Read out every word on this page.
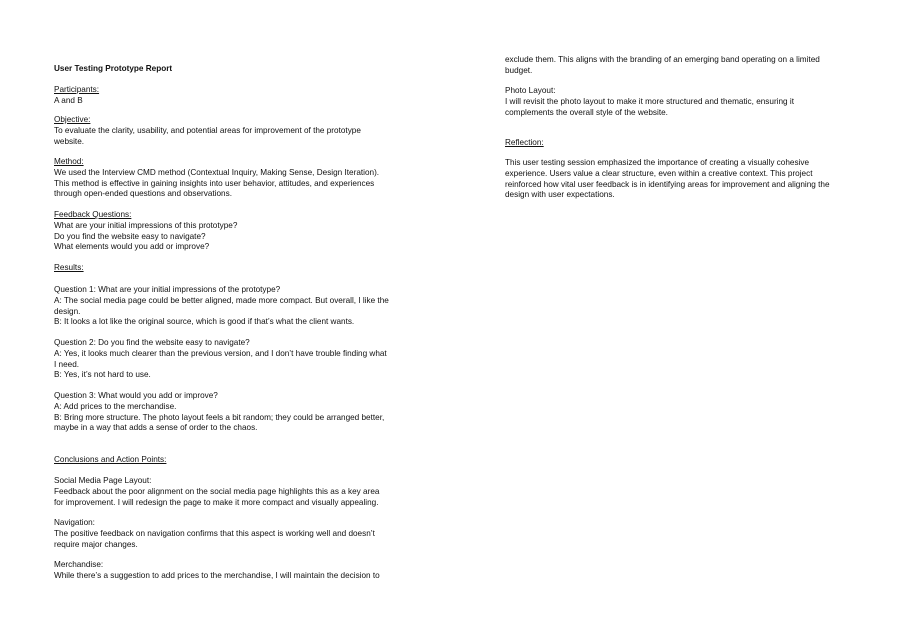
User Testing Prototype Report

Participants:

A and B

Objective:

To evaluate the clarity, usability, and potential areas for improvement of the prototype

website.

Method:

We used the Interview CMD method (Contextual Inquiry, Making Sense, Design Iteration).

This method is effective in gaining insights into user behavior, attitudes, and experiences

through open-ended questions and observations.

Feedback Questions:

What are your initial impressions of this prototype?

Do you find the website easy to navigate?

What elements would you add or improve?

Results:

Question 1: What are your initial impressions of the prototype?

A: The social media page could be better aligned, made more compact. But overall, I like the

design.

B: It looks a lot like the original source, which is good if that’s what the client wants.

Question 2: Do you find the website easy to navigate?

A: Yes, it looks much clearer than the previous version, and I don’t have trouble finding what

I need.

B: Yes, it’s not hard to use.

Question 3: What would you add or improve?

A: Add prices to the merchandise.

B: Bring more structure. The photo layout feels a bit random; they could be arranged better,

maybe in a way that adds a sense of order to the chaos.

Conclusions and Action Points:

Social Media Page Layout:

Feedback about the poor alignment on the social media page highlights this as a key area

for improvement. I will redesign the page to make it more compact and visually appealing.

Navigation:

The positive feedback on navigation confirms that this aspect is working well and doesn’t

require major changes.

Merchandise:

While there’s a suggestion to add prices to the merchandise, I will maintain the decision to

exclude them. This aligns with the branding of an emerging band operating on a limited

budget.

Photo Layout:

I will revisit the photo layout to make it more structured and thematic, ensuring it

complements the overall style of the website.

Reflection:

This user testing session emphasized the importance of creating a visually cohesive

experience. Users value a clear structure, even within a creative context. This project

reinforced how vital user feedback is in identifying areas for improvement and aligning the

design with user expectations.
